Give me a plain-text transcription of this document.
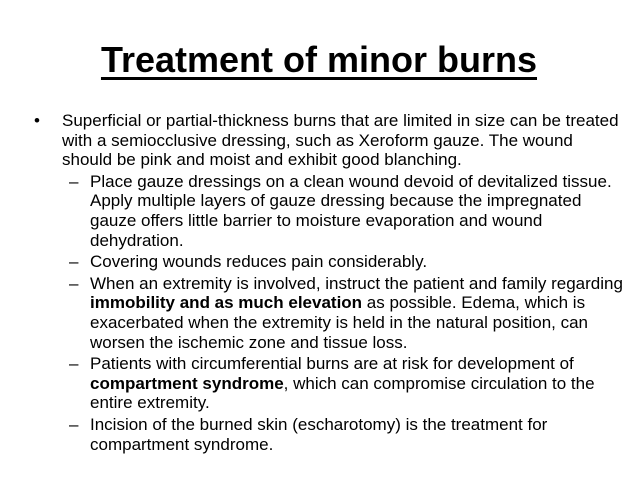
Treatment of minor burns
• Superficial or partial-thickness burns that are limited in size can be treated with a semiocclusive dressing, such as Xeroform gauze. The wound should be pink and moist and exhibit good blanching.
– Place gauze dressings on a clean wound devoid of devitalized tissue. Apply multiple layers of gauze dressing because the impregnated gauze offers little barrier to moisture evaporation and wound dehydration.
– Covering wounds reduces pain considerably.
– When an extremity is involved, instruct the patient and family regarding immobility and as much elevation as possible. Edema, which is exacerbated when the extremity is held in the natural position, can worsen the ischemic zone and tissue loss.
– Patients with circumferential burns are at risk for development of compartment syndrome, which can compromise circulation to the entire extremity.
– Incision of the burned skin (escharotomy) is the treatment for compartment syndrome.
